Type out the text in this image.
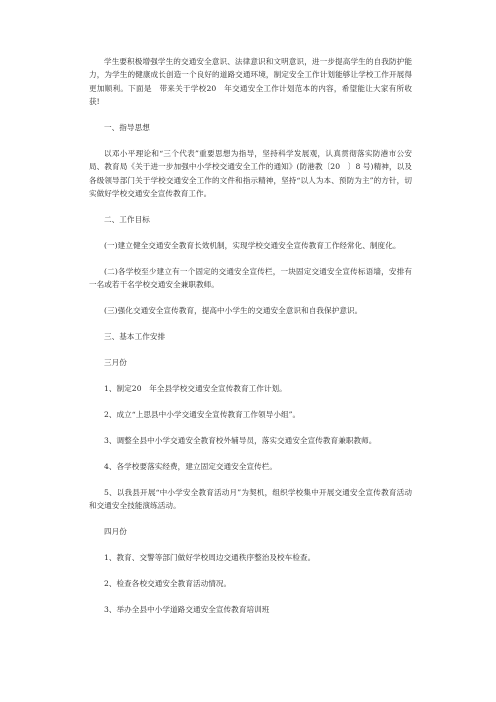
学生要积极增强学生的交通安全意识、法律意识和文明意识，进一步提高学生的自我防护能力，为学生的健康成长创造一个良好的道路交通环境，制定安全工作计划能够让学校工作开展得更加顺利。下面是　带来关于学校20　年交通安全工作计划范本的内容，希望能让大家有所收获!

一、指导思想

以邓小平理论和“三个代表”重要思想为指导，坚持科学发展观，认真贯彻落实防港市公安局、教育局《关于进一步加强中小学校交通安全工作的通知》(防港教〔20　〕8 号)精神，以及各级领导部门关于学校交通安全工作的文件和指示精神，坚持“以人为本、预防为主”的方针，切实做好学校交通安全宣传教育工作。

二、工作目标

(一)建立健全交通安全教育长效机制，实现学校交通安全宣传教育工作经常化、制度化。

(二)各学校至少建立有一个固定的交通安全宣传栏，一块固定交通安全宣传标语墙，安排有一名或若干名学校交通安全兼职教师。

(三)强化交通安全宣传教育，提高中小学生的交通安全意识和自我保护意识。

三、基本工作安排

三月份

1、制定20　年全县学校交通安全宣传教育工作计划。

2、成立“上思县中小学交通安全宣传教育工作领导小组”。

3、调整全县中小学交通安全教育校外辅导员，落实交通安全宣传教育兼职教师。

4、各学校要落实经费，建立固定交通安全宣传栏。

5、以我县开展“中小学安全教育活动月”为契机，组织学校集中开展交通安全宣传教育活动和交通安全技能演练活动。

四月份

1、教育、交警等部门做好学校周边交通秩序整治及校车检查。

2、检查各校交通安全教育活动情况。

3、举办全县中小学道路交通安全宣传教育培训班
